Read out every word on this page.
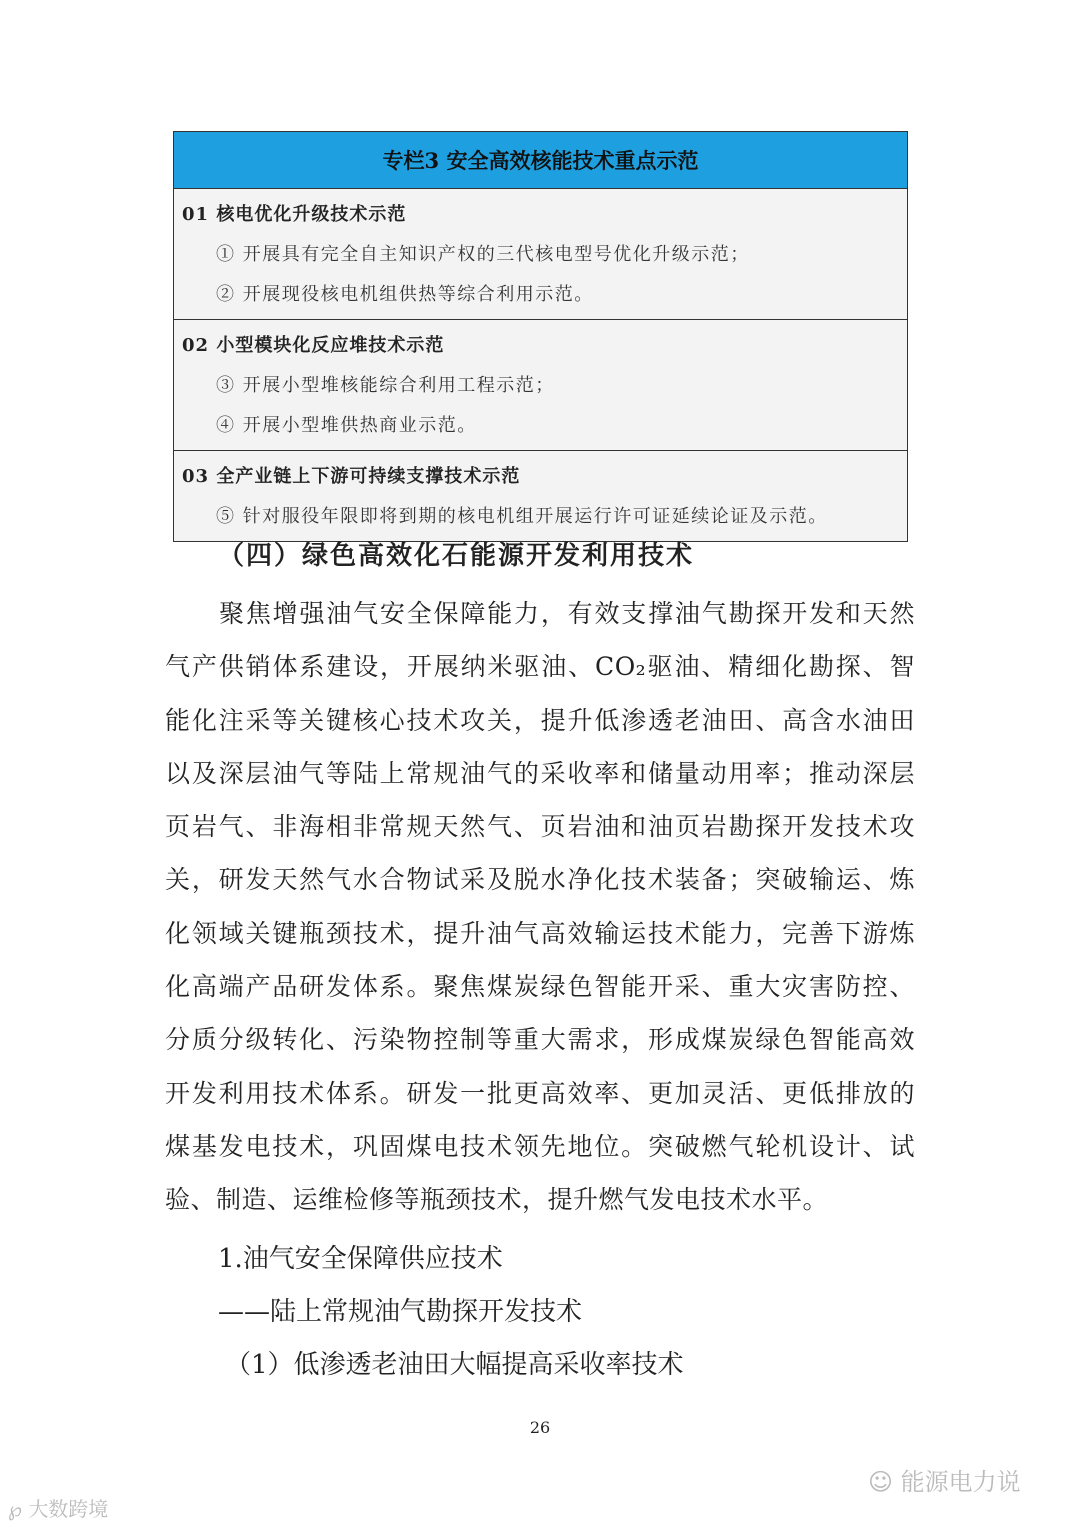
专栏3 安全高效核能技术重点示范
01 核电优化升级技术示范
① 开展具有完全自主知识产权的三代核电型号优化升级示范；
② 开展现役核电机组供热等综合利用示范。
02 小型模块化反应堆技术示范
③ 开展小型堆核能综合利用工程示范；
④ 开展小型堆供热商业示范。
03 全产业链上下游可持续支撑技术示范
⑤ 针对服役年限即将到期的核电机组开展运行许可证延续论证及示范。
（四）绿色高效化石能源开发利用技术
聚焦增强油气安全保障能力，有效支撑油气勘探开发和天然
气产供销体系建设，开展纳米驱油、CO₂驱油、精细化勘探、智
能化注采等关键核心技术攻关，提升低渗透老油田、高含水油田
以及深层油气等陆上常规油气的采收率和储量动用率；推动深层
页岩气、非海相非常规天然气、页岩油和油页岩勘探开发技术攻
关，研发天然气水合物试采及脱水净化技术装备；突破输运、炼
化领域关键瓶颈技术，提升油气高效输运技术能力，完善下游炼
化高端产品研发体系。聚焦煤炭绿色智能开采、重大灾害防控、
分质分级转化、污染物控制等重大需求，形成煤炭绿色智能高效
开发利用技术体系。研发一批更高效率、更加灵活、更低排放的
煤基发电技术，巩固煤电技术领先地位。突破燃气轮机设计、试
验、制造、运维检修等瓶颈技术，提升燃气发电技术水平。
1.油气安全保障供应技术
——陆上常规油气勘探开发技术
（1）低渗透老油田大幅提高采收率技术
26
☺ 能源电力说
℘ 大数跨境
